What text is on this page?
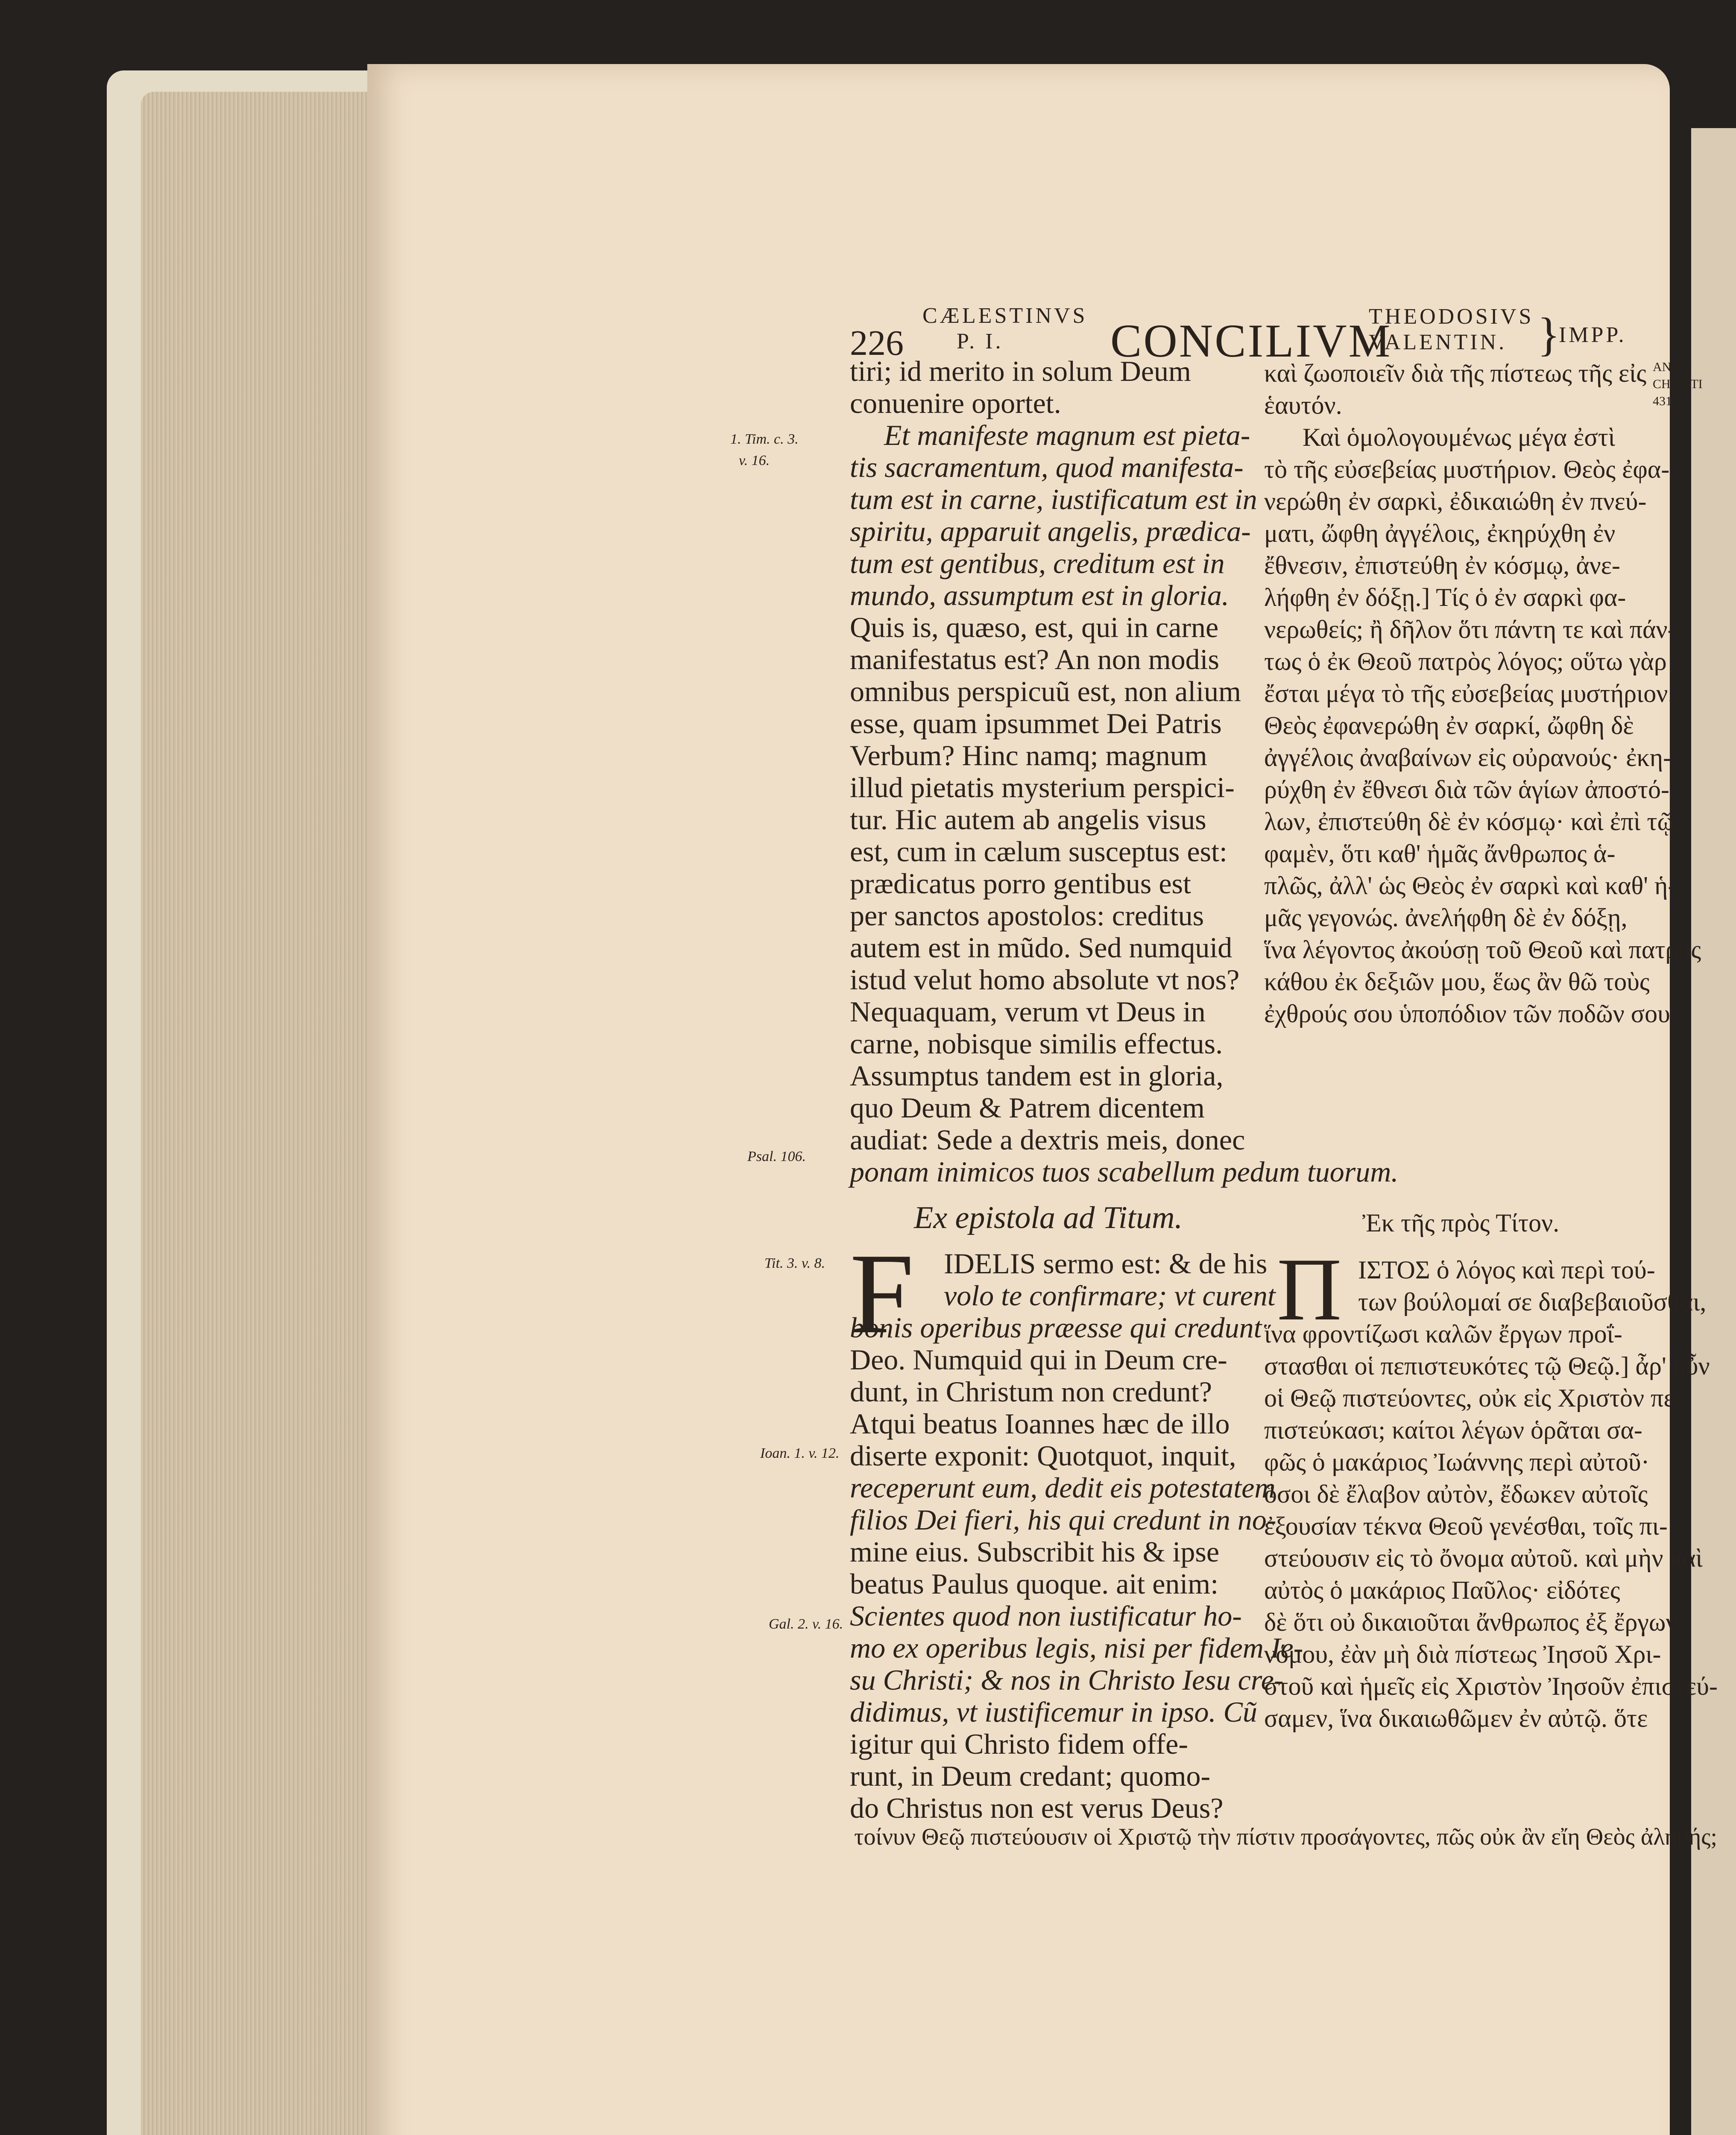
226
CÆLESTINVS
P. I. CONCILIVM
THEODOSIVS
VALENTIN. }
IMPP.
ANNO
CHRISTI
431.
1. Tim. c. 3.
v. 16.
Psal. 106.
Tit. 3. v. 8.
Ioan. 1. v. 12.
Gal. 2. v. 16.
tiri; id merito in solum Deum
conuenire oportet.
Et manifeste magnum est pieta-
tis sacramentum, quod manifesta-
tum est in carne, iustificatum est in
spiritu, apparuit angelis, prædica-
tum est gentibus, creditum est in
mundo, assumptum est in gloria.
Quis is, quæso, est, qui in carne
manifestatus est? An non modis
omnibus perspicuũ est, non alium
esse, quam ipsummet Dei Patris
Verbum? Hinc namq; magnum
illud pietatis mysterium perspici-
tur. Hic autem ab angelis visus
est, cum in cælum susceptus est:
prædicatus porro gentibus est
per sanctos apostolos: creditus
autem est in mũdo. Sed numquid
istud velut homo absolute vt nos?
Nequaquam, verum vt Deus in
carne, nobisque similis effectus.
Assumptus tandem est in gloria,
quo Deum & Patrem dicentem
audiat: Sede a dextris meis, donec
ponam inimicos tuos scabellum pedum tuorum.
Ex epistola ad Titum.	Ἐκ τῆς πρὸς Τίτον.
F IDELIS sermo est: & de his
volo te confirmare; vt curent
bonis operibus præesse qui credunt
Deo. Numquid qui in Deum cre-
dunt, in Christum non credunt?
Atqui beatus Ioannes hæc de illo
diserte exponit: Quotquot, inquit,
receperunt eum, dedit eis potestatem
filios Dei fieri, his qui credunt in no-
mine eius. Subscribit his & ipse
beatus Paulus quoque. ait enim:
Scientes quod non iustificatur ho-
mo ex operibus legis, nisi per fidem Ie-
su Christi; & nos in Christo Iesu cre-
didimus, vt iustificemur in ipso. Cũ
igitur qui Christo fidem offe-
runt, in Deum credant; quomo-
do Christus non est verus Deus?
καὶ ζωοποιεῖν διὰ τῆς πίστεως τῆς εἰς
ἑαυτόν.
Καὶ ὁμολογουμένως μέγα ἐστὶ
τὸ τῆς εὐσεβείας μυστήριον. Θεὸς ἐφα-
νερώθη ἐν σαρκὶ, ἐδικαιώθη ἐν πνεύ-
ματι, ὤφθη ἀγγέλοις, ἐκηρύχθη ἐν
ἔθνεσιν, ἐπιστεύθη ἐν κόσμῳ, ἀνε-
λήφθη ἐν δόξῃ.] Τίς ὁ ἐν σαρκὶ φα-
νερωθείς; ἢ δῆλον ὅτι πάντη τε καὶ πάν-
τως ὁ ἐκ Θεοῦ πατρὸς λόγος; οὕτω γὰρ
ἔσται μέγα τὸ τῆς εὐσεβείας μυστήριον.
Θεὸς ἐφανερώθη ἐν σαρκί, ὤφθη δὲ
ἀγγέλοις ἀναβαίνων εἰς οὐρανούς· ἐκη-
ρύχθη ἐν ἔθνεσι διὰ τῶν ἁγίων ἀποστό-
λων, ἐπιστεύθη δὲ ἐν κόσμῳ· καὶ ἐπὶ τῷ
φαμὲν, ὅτι καθ' ἡμᾶς ἄνθρωπος ἁ-
πλῶς, ἀλλ' ὡς Θεὸς ἐν σαρκὶ καὶ καθ' ἡ-
μᾶς γεγονώς. ἀνελήφθη δὲ ἐν δόξῃ,
ἵνα λέγοντος ἀκούσῃ τοῦ Θεοῦ καὶ πατρὸς
κάθου ἐκ δεξιῶν μου, ἕως ἂν θῶ τοὺς
ἐχθρούς σου ὑποπόδιον τῶν ποδῶν σου.
Π ΙΣΤΟΣ ὁ λόγος καὶ περὶ τού-
των βούλομαί σε διαβεβαιοῦσθαι,
ἵνα φροντίζωσι καλῶν ἔργων προΐ-
στασθαι οἱ πεπιστευκότες τῷ Θεῷ.] ἆρ' οὖν
οἱ Θεῷ πιστεύοντες, οὐκ εἰς Χριστὸν πε-
πιστεύκασι; καίτοι λέγων ὁρᾶται σα-
φῶς ὁ μακάριος Ἰωάννης περὶ αὐτοῦ·
ὅσοι δὲ ἔλαβον αὐτὸν, ἔδωκεν αὐτοῖς
ἐξουσίαν τέκνα Θεοῦ γενέσθαι, τοῖς πι-
στεύουσιν εἰς τὸ ὄνομα αὐτοῦ. καὶ μὴν καὶ
αὐτὸς ὁ μακάριος Παῦλος· εἰδότες
δὲ ὅτι οὐ δικαιοῦται ἄνθρωπος ἐξ ἔργων
νόμου, ἐὰν μὴ διὰ πίστεως Ἰησοῦ Χρι-
στοῦ καὶ ἡμεῖς εἰς Χριστὸν Ἰησοῦν ἐπιστεύ-
σαμεν, ἵνα δικαιωθῶμεν ἐν αὐτῷ. ὅτε
τοίνυν Θεῷ πιστεύουσιν οἱ Χριστῷ τὴν πίστιν προσάγοντες, πῶς οὐκ ἂν εἴη Θεὸς ἀληθής;
